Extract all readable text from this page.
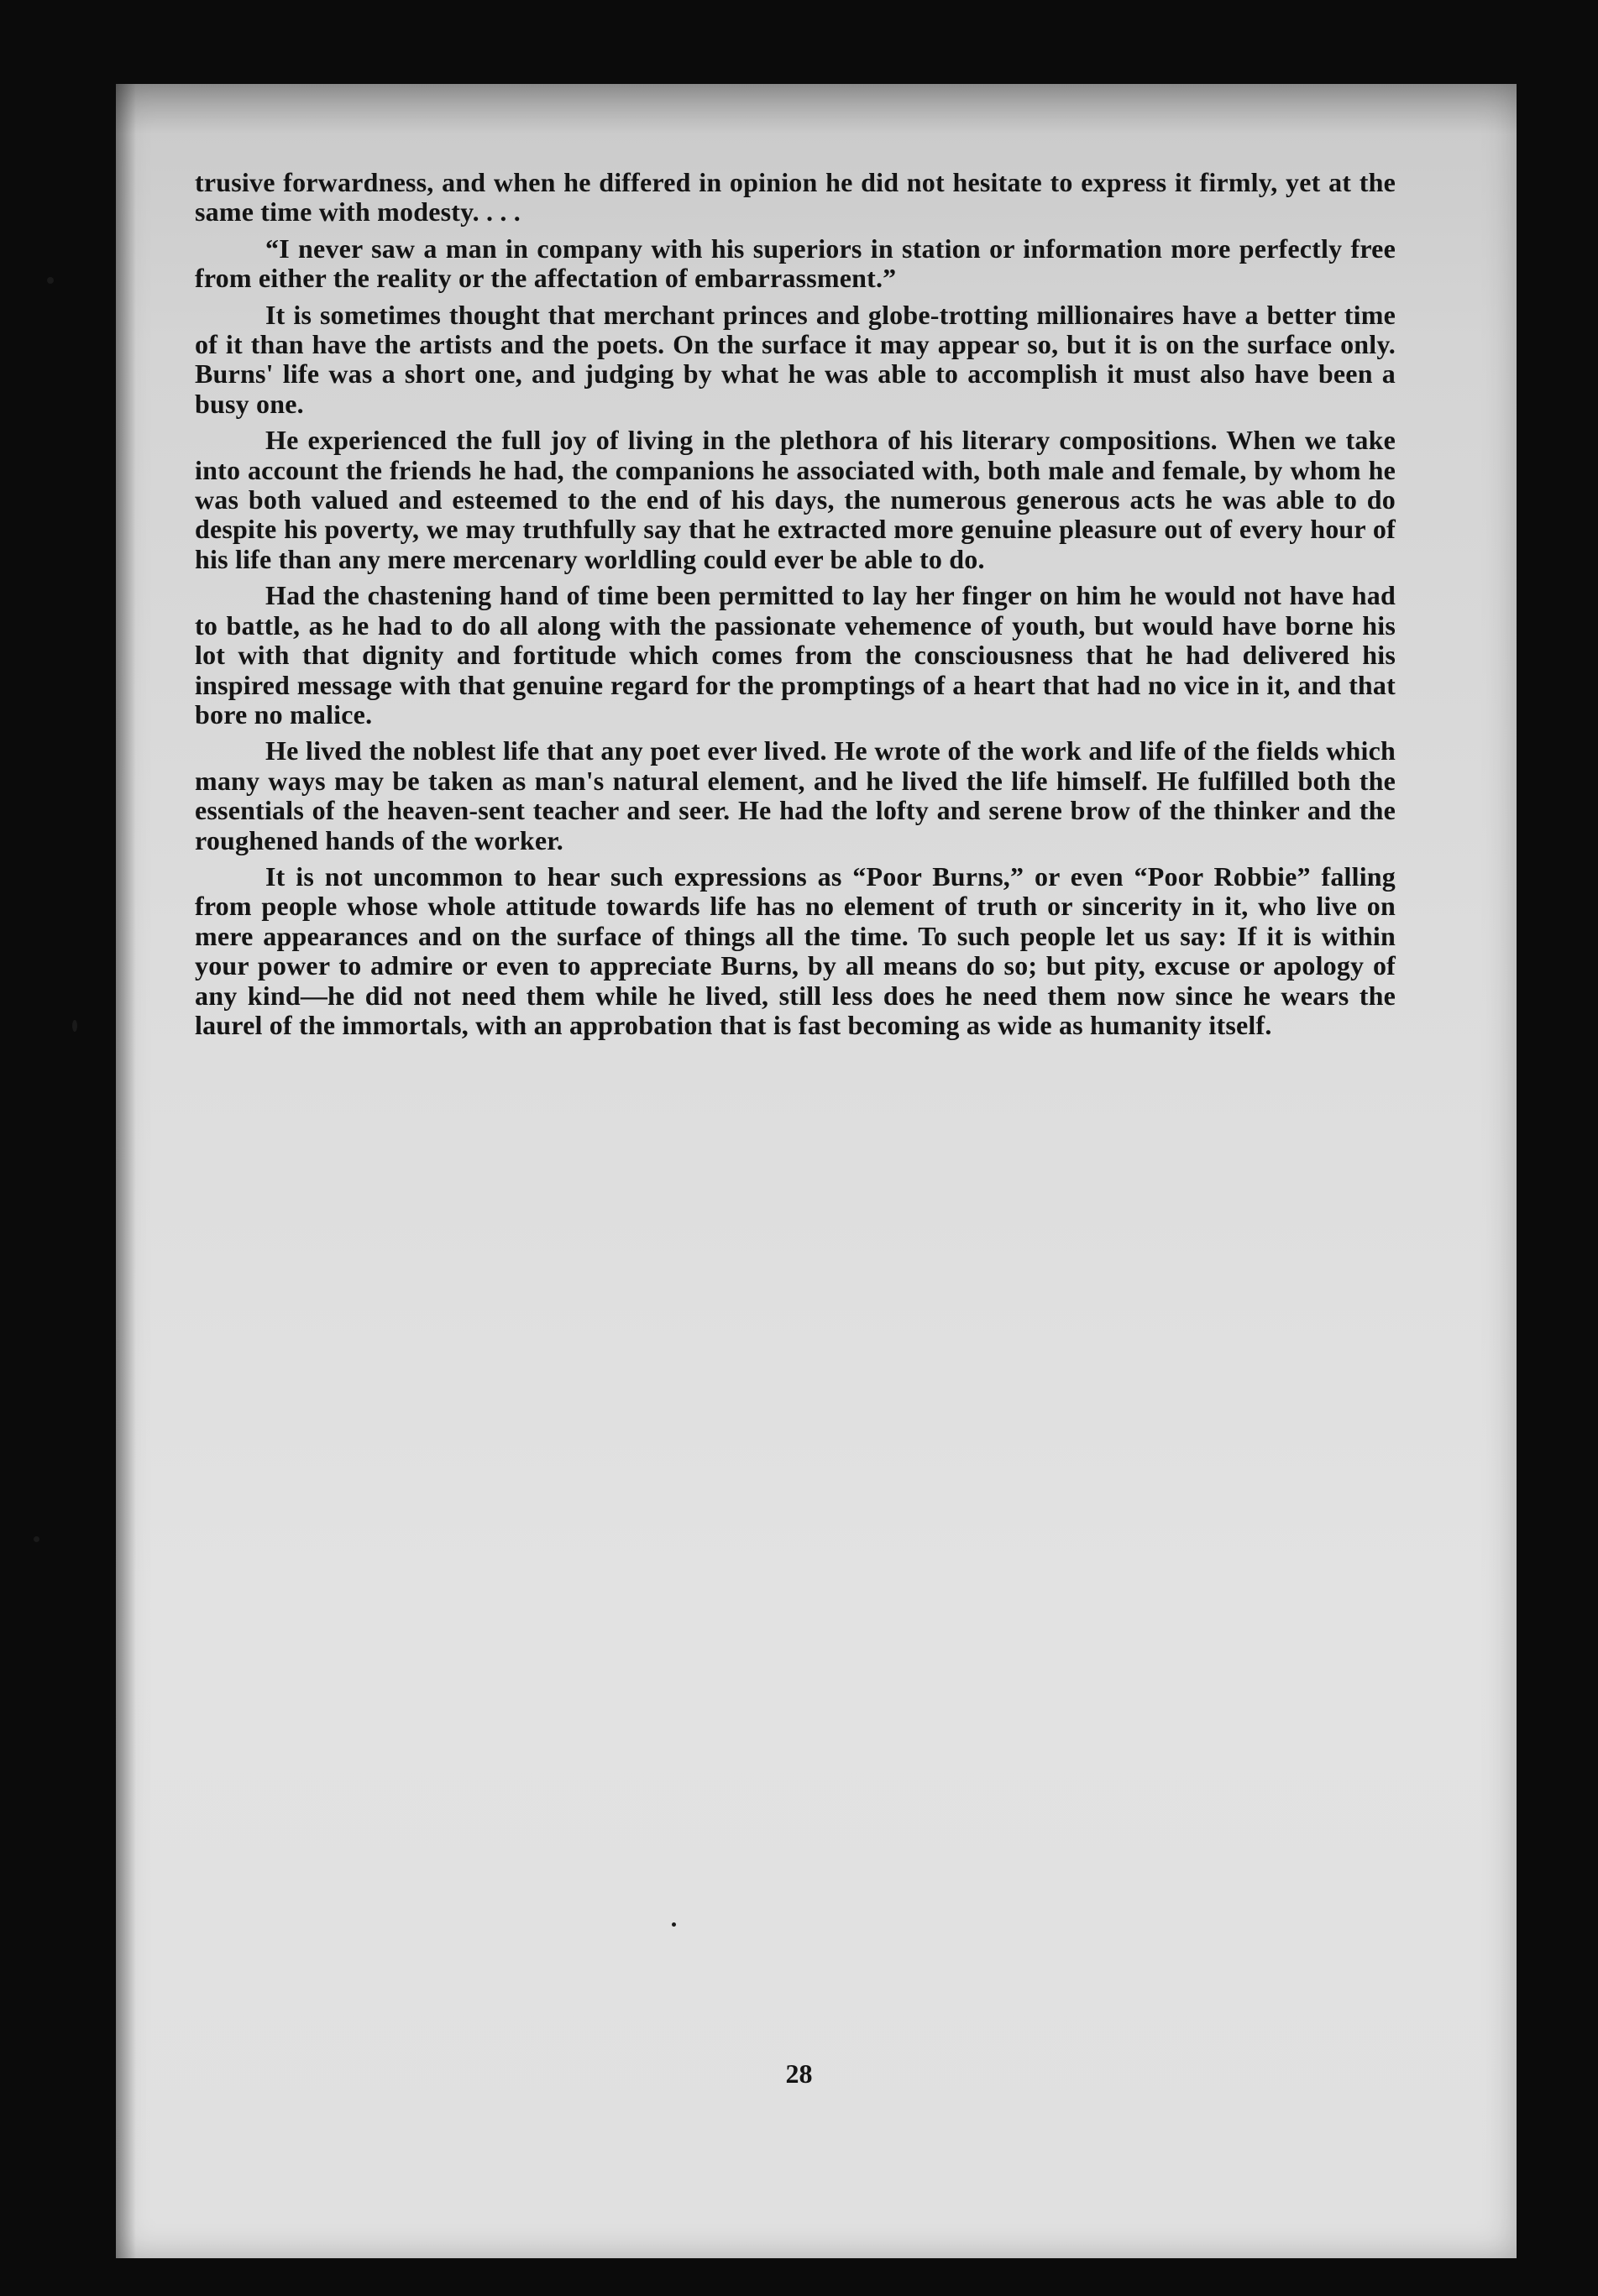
trusive forwardness, and when he differed in opinion he did not hesitate to express it firmly, yet at the same time with modesty. . . .

“I never saw a man in company with his superiors in station or information more perfectly free from either the reality or the affectation of embarrassment.”

It is sometimes thought that merchant princes and globe-trotting millionaires have a better time of it than have the artists and the poets. On the surface it may appear so, but it is on the surface only. Burns' life was a short one, and judging by what he was able to accomplish it must also have been a busy one.

He experienced the full joy of living in the plethora of his literary compositions. When we take into account the friends he had, the companions he associated with, both male and female, by whom he was both valued and esteemed to the end of his days, the numerous generous acts he was able to do despite his poverty, we may truthfully say that he extracted more genuine pleasure out of every hour of his life than any mere mercenary worldling could ever be able to do.

Had the chastening hand of time been permitted to lay her finger on him he would not have had to battle, as he had to do all along with the passionate vehemence of youth, but would have borne his lot with that dignity and fortitude which comes from the consciousness that he had delivered his inspired message with that genuine regard for the promptings of a heart that had no vice in it, and that bore no malice.

He lived the noblest life that any poet ever lived. He wrote of the work and life of the fields which many ways may be taken as man's natural element, and he lived the life himself. He fulfilled both the essentials of the heaven-sent teacher and seer. He had the lofty and serene brow of the thinker and the roughened hands of the worker.

It is not uncommon to hear such expressions as “Poor Burns,” or even “Poor Robbie” falling from people whose whole attitude towards life has no element of truth or sincerity in it, who live on mere appearances and on the surface of things all the time. To such people let us say: If it is within your power to admire or even to appreciate Burns, by all means do so; but pity, excuse or apology of any kind—he did not need them while he lived, still less does he need them now since he wears the laurel of the immortals, with an approbation that is fast becoming as wide as humanity itself.

28
